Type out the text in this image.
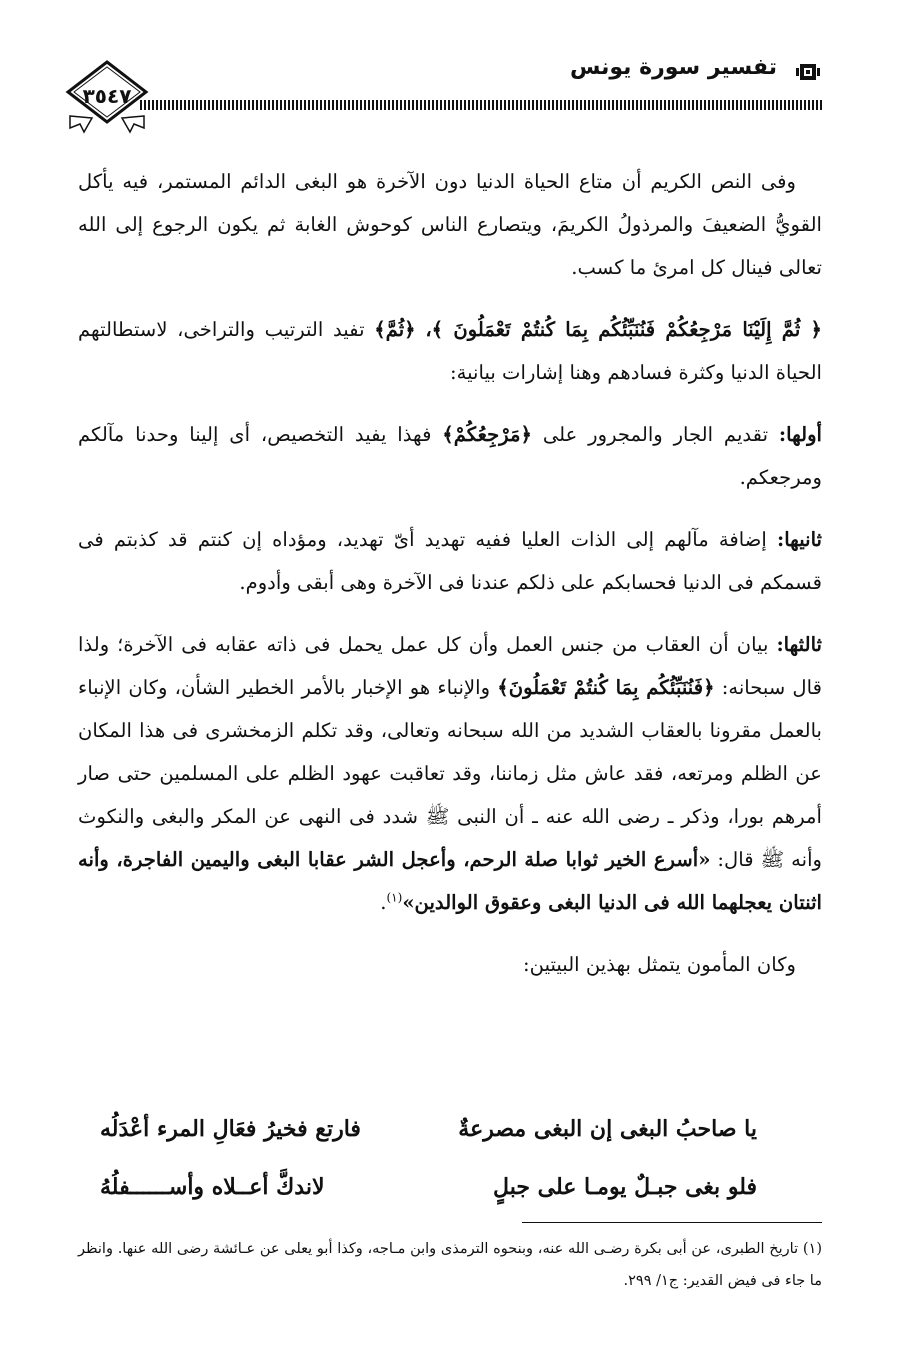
تفسير سورة يونس
٣٥٤٧

وفى النص الكريم أن متاع الحياة الدنيا دون الآخرة هو البغى الدائم المستمر، فيه يأكل القويُّ الضعيفَ والمرذولُ الكريمَ، ويتصارع الناس كوحوش الغابة ثم يكون الرجوع إلى الله تعالى فينال كل امرئ ما كسب.

﴿ ثُمَّ إِلَيْنَا مَرْجِعُكُمْ فَنُنَبِّئُكُم بِمَا كُنتُمْ تَعْمَلُونَ ﴾، ﴿ثُمَّ﴾ تفيد الترتيب والتراخى، لاستطالتهم الحياة الدنيا وكثرة فسادهم وهنا إشارات بيانية:

أولها: تقديم الجار والمجرور على ﴿مَرْجِعُكُمْ﴾ فهذا يفيد التخصيص، أى إلينا وحدنا مآلكم ومرجعكم.

ثانيها: إضافة مآلهم إلى الذات العليا ففيه تهديد أىّ تهديد، ومؤداه إن كنتم قد كذبتم فى قسمكم فى الدنيا فحسابكم على ذلكم عندنا فى الآخرة وهى أبقى وأدوم.

ثالثها: بيان أن العقاب من جنس العمل وأن كل عمل يحمل فى ذاته عقابه فى الآخرة؛ ولذا قال سبحانه: ﴿فَنُنَبِّئُكُم بِمَا كُنتُمْ تَعْمَلُونَ﴾ والإنباء هو الإخبار بالأمر الخطير الشأن، وكان الإنباء بالعمل مقرونا بالعقاب الشديد من الله سبحانه وتعالى، وقد تكلم الزمخشرى فى هذا المكان عن الظلم ومرتعه، فقد عاش مثل زماننا، وقد تعاقبت عهود الظلم على المسلمين حتى صار أمرهم بورا، وذكر ـ رضى الله عنه ـ أن النبى ﷺ شدد فى النهى عن المكر والبغى والنكوث وأنه ﷺ قال: «أسرع الخير ثوابا صلة الرحم، وأعجل الشر عقابا البغى واليمين الفاجرة، وأنه اثنتان يعجلهما الله فى الدنيا البغى وعقوق الوالدين»$^{(١)}$.

وكان المأمون يتمثل بهذين البيتين:

يا صاحبُ البغى إن البغى مصرعةٌ
فارتع فخيرُ فعَالِ المرء أعْدَلُه
فلو بغى جبـلٌ يومـا على جبلٍ
لاندكَّ أعــلاه وأســــــفلُهُ
(١) تاريخ الطبرى، عن أبى بكرة رضـى الله عنه، وبنحوه الترمذى وابن مـاجه، وكذا أبو يعلى عن عـائشة رضى الله عنها. وانظر ما جاء فى فيض القدير: ج١/ ٢٩٩.
